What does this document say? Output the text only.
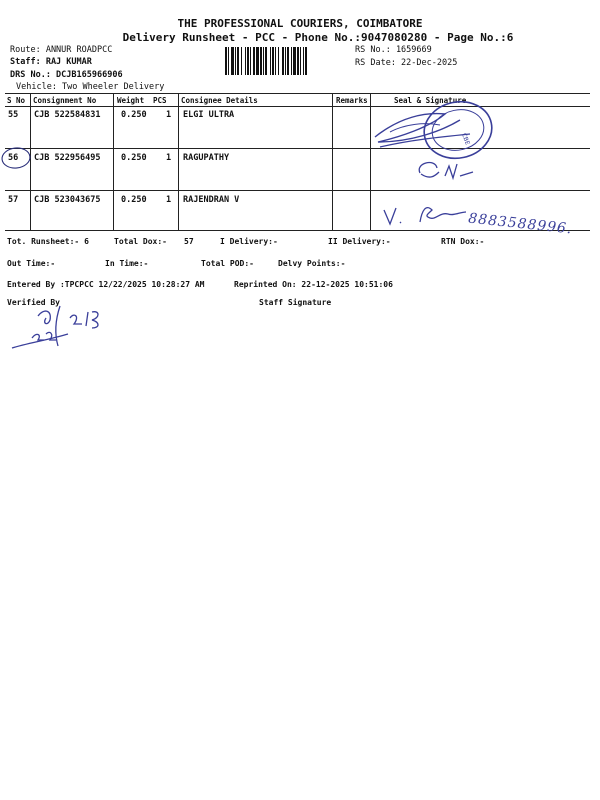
THE PROFESSIONAL COURIERS, COIMBATORE
Delivery Runsheet - PCC - Phone No.:9047080280 - Page No.:6
Route: ANNUR ROADPCC
Staff: RAJ KUMAR
DRS No.: DCJB165966906
Vehicle: Two Wheeler Delivery
RS No.: 1659669
RS Date: 22-Dec-2025
S No Consignment No	Weight PCS Consignee Details	Remarks	Seal & Signature
55 CJB 522584831 0.250 1 ELGI ULTRA
56 CJB 522956495 0.250 1 RAGUPATHY
57 CJB 523043675 0.250 1 RAJENDRAN V
CBE
8883588996.
Tot. Runsheet:- 6	Total Dox:- 57	I Delivery:-	II Delivery:-	RTN Dox:-
Out Time:-	In Time:-	Total POD:-	Delvy Points:-
Entered By :TPCPCC 12/22/2025 10:28:27 AM	Reprinted On: 22-12-2025 10:51:06
Verified By	Staff Signature
